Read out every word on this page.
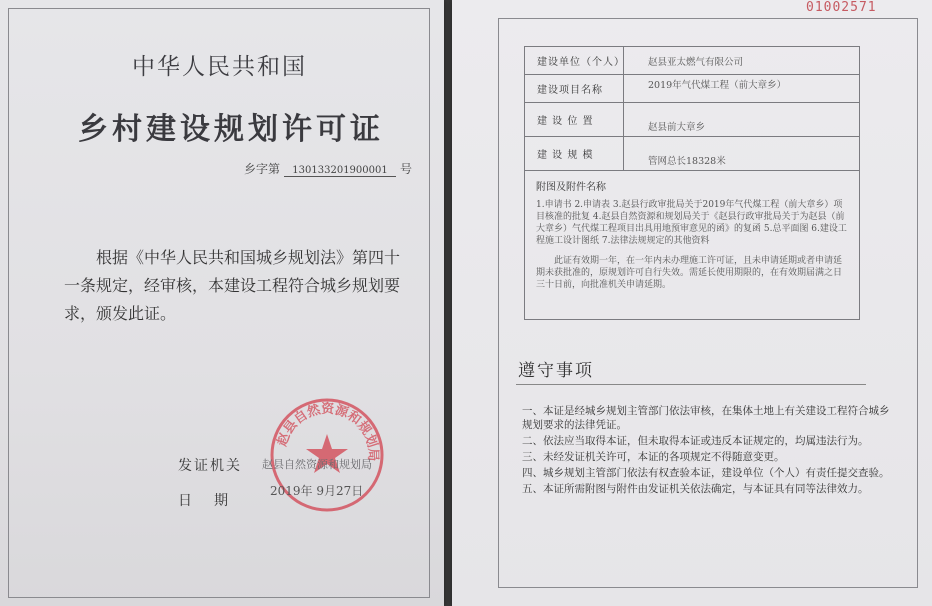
01002571
中华人民共和国
乡村建设规划许可证
乡字第 130133201900001 号
根据《中华人民共和国城乡规划法》第四十一条规定，经审核，本建设工程符合城乡规划要求，颁发此证。
赵县自然资源和规划局
发证机关 赵县自然资源和规划局
日期
2019年 9月27日
建设单位（个人）	赵县亚太燃气有限公司
建设项目名称	2019年气代煤工程（前大章乡）
建 设 位 置	赵县前大章乡
建 设 规 模	管网总长18328米

附图及附件名称
1.申请书 2.申请表 3.赵县行政审批局关于2019年气代煤工程（前大章乡）项目核准的批复 4.赵县自然资源和规划局关于《赵县行政审批局关于为赵县（前大章乡）气代煤工程项目出具用地预审意见的函》的复函 5.总平面图 6.建设工程施工设计图纸 7.法律法规规定的其他资料
此证有效期一年，在一年内未办理施工许可证，且未申请延期或者申请延期未获批准的，原规划许可自行失效。需延长使用期限的，在有效期届满之日三十日前，向批准机关申请延期。	
遵守事项
一、本证是经城乡规划主管部门依法审核，在集体土地上有关建设工程符合城乡规划要求的法律凭证。
二、依法应当取得本证，但未取得本证或违反本证规定的，均属违法行为。
三、未经发证机关许可，本证的各项规定不得随意变更。
四、城乡规划主管部门依法有权查验本证，建设单位（个人）有责任提交查验。
五、本证所需附图与附件由发证机关依法确定，与本证具有同等法律效力。
